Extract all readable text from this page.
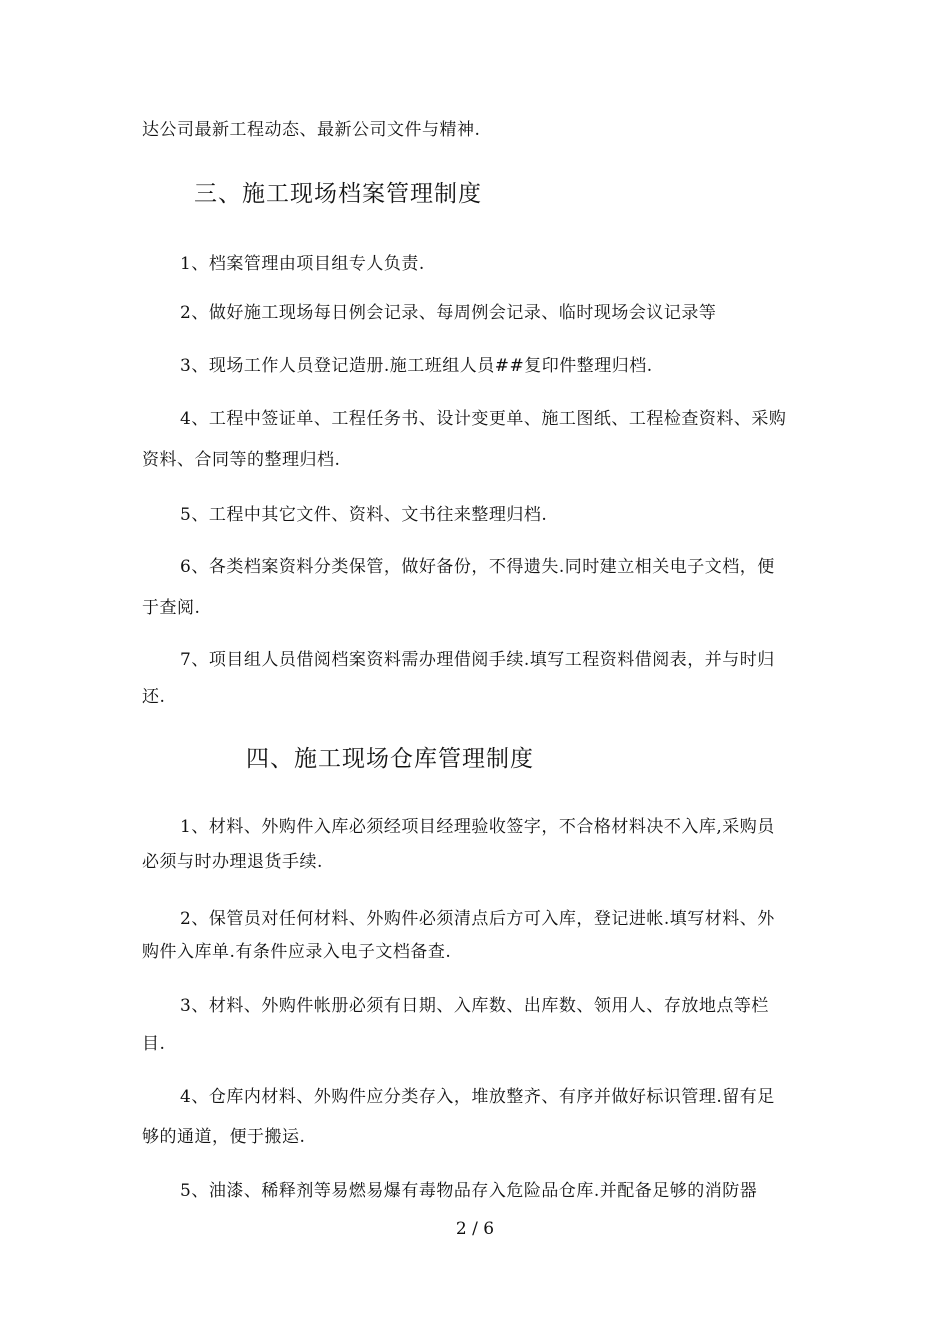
达公司最新工程动态、最新公司文件与精神.
三、施工现场档案管理制度
1、档案管理由项目组专人负责.
2、做好施工现场每日例会记录、每周例会记录、临时现场会议记录等
3、现场工作人员登记造册.施工班组人员##复印件整理归档.
4、工程中签证单、工程任务书、设计变更单、施工图纸、工程检查资料、采购
资料、合同等的整理归档.
5、工程中其它文件、资料、文书往来整理归档.
6、各类档案资料分类保管，做好备份，不得遗失.同时建立相关电子文档，便
于查阅.
7、项目组人员借阅档案资料需办理借阅手续.填写工程资料借阅表，并与时归
还.
四、施工现场仓库管理制度
1、材料、外购件入库必须经项目经理验收签字，不合格材料决不入库,采购员
必须与时办理退货手续.
2、保管员对任何材料、外购件必须清点后方可入库，登记进帐.填写材料、外
购件入库单.有条件应录入电子文档备查.
3、材料、外购件帐册必须有日期、入库数、出库数、领用人、存放地点等栏
目.
4、仓库内材料、外购件应分类存入，堆放整齐、有序并做好标识管理.留有足
够的通道，便于搬运.
5、油漆、稀释剂等易燃易爆有毒物品存入危险品仓库.并配备足够的消防器
2 / 6
